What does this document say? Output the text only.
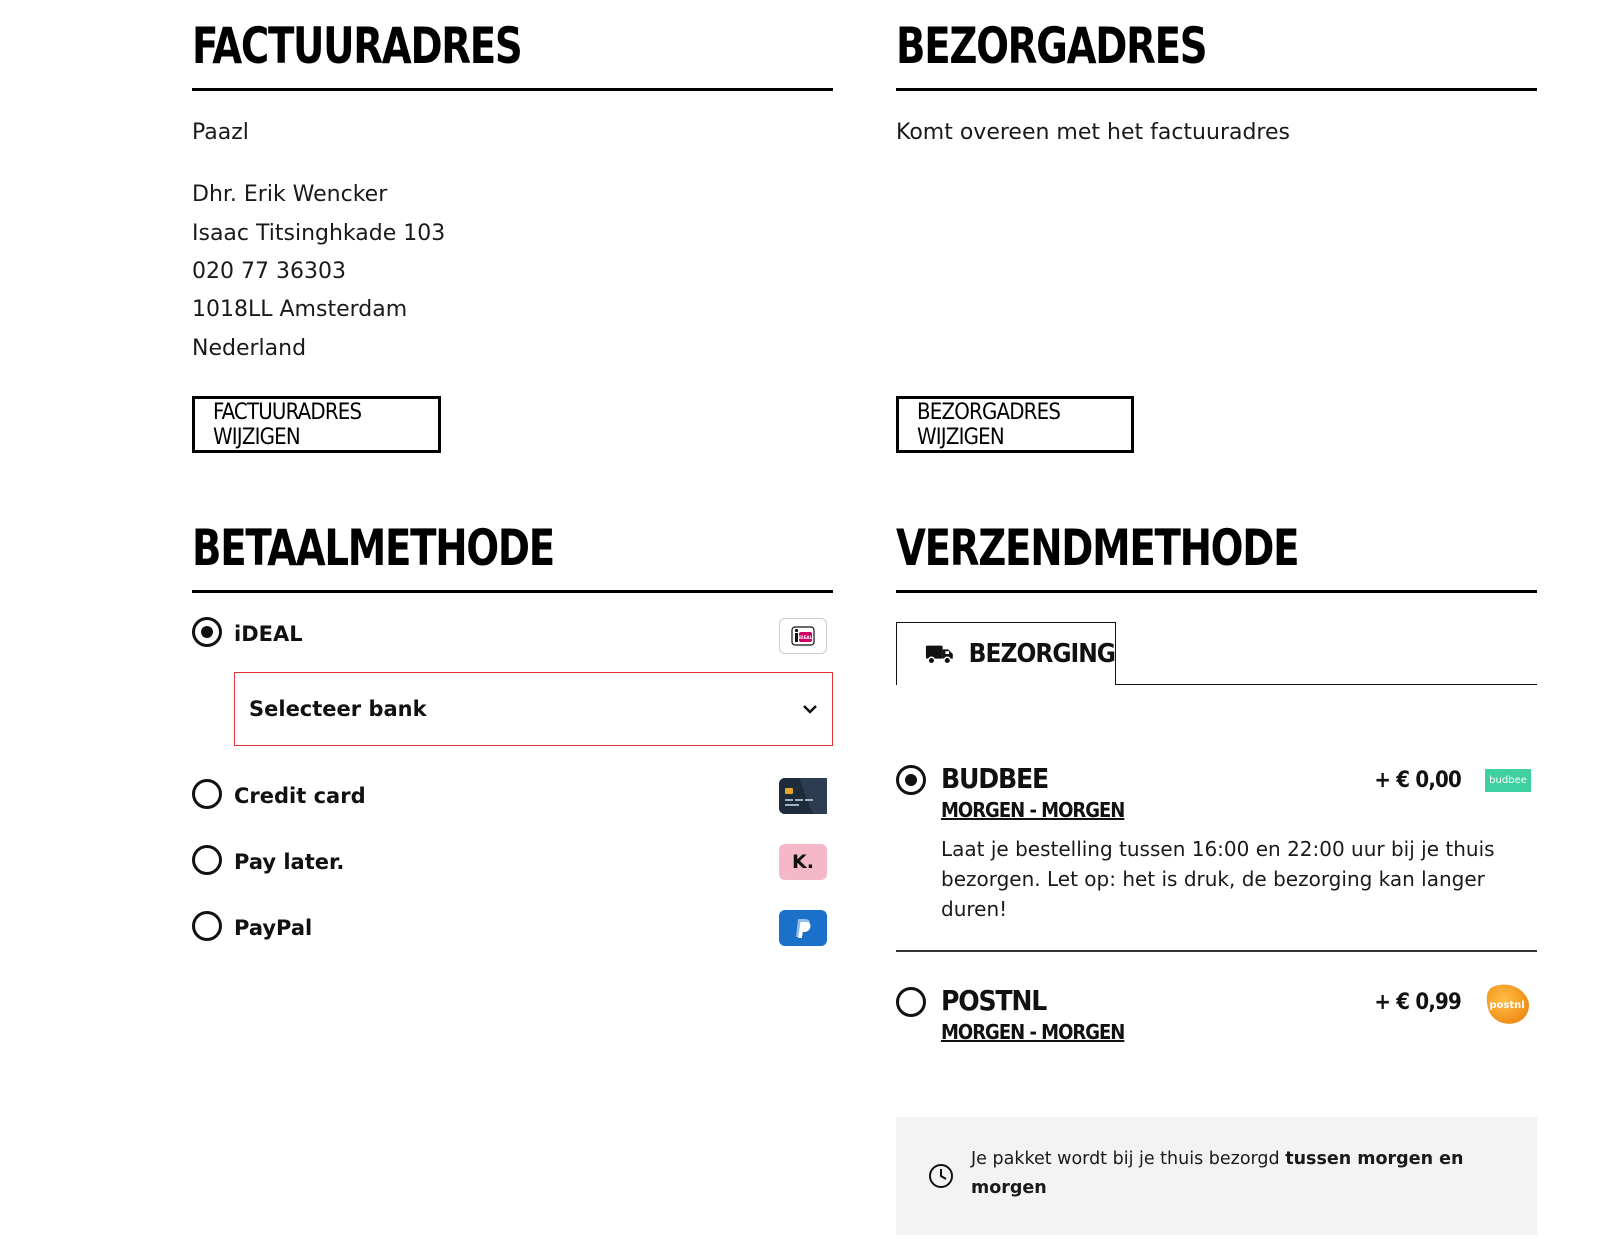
FACTUURADRES
Paazl
Dhr. Erik Wencker
Isaac Titsinghkade 103
020 77 36303
1018LL Amsterdam
Nederland
FACTUURADRES WIJZIGEN
BETAALMETHODE
iDEAL	iDEAL
Selecteer bank
Credit card
Pay later.	K.
PayPal
BEZORGADRES
Komt overeen met het factuuradres
BEZORGADRES WIJZIGEN
VERZENDMETHODE
BEZORGING
BUDBEE
MORGEN - MORGEN
+ € 0,00	budbee
Laat je bestelling tussen 16:00 en 22:00 uur bij je thuis bezorgen. Let op: het is druk, de bezorging kan langer duren!
POSTNL
MORGEN - MORGEN
+ € 0,99	postnl
Je pakket wordt bij je thuis bezorgd tussen morgen en morgen
